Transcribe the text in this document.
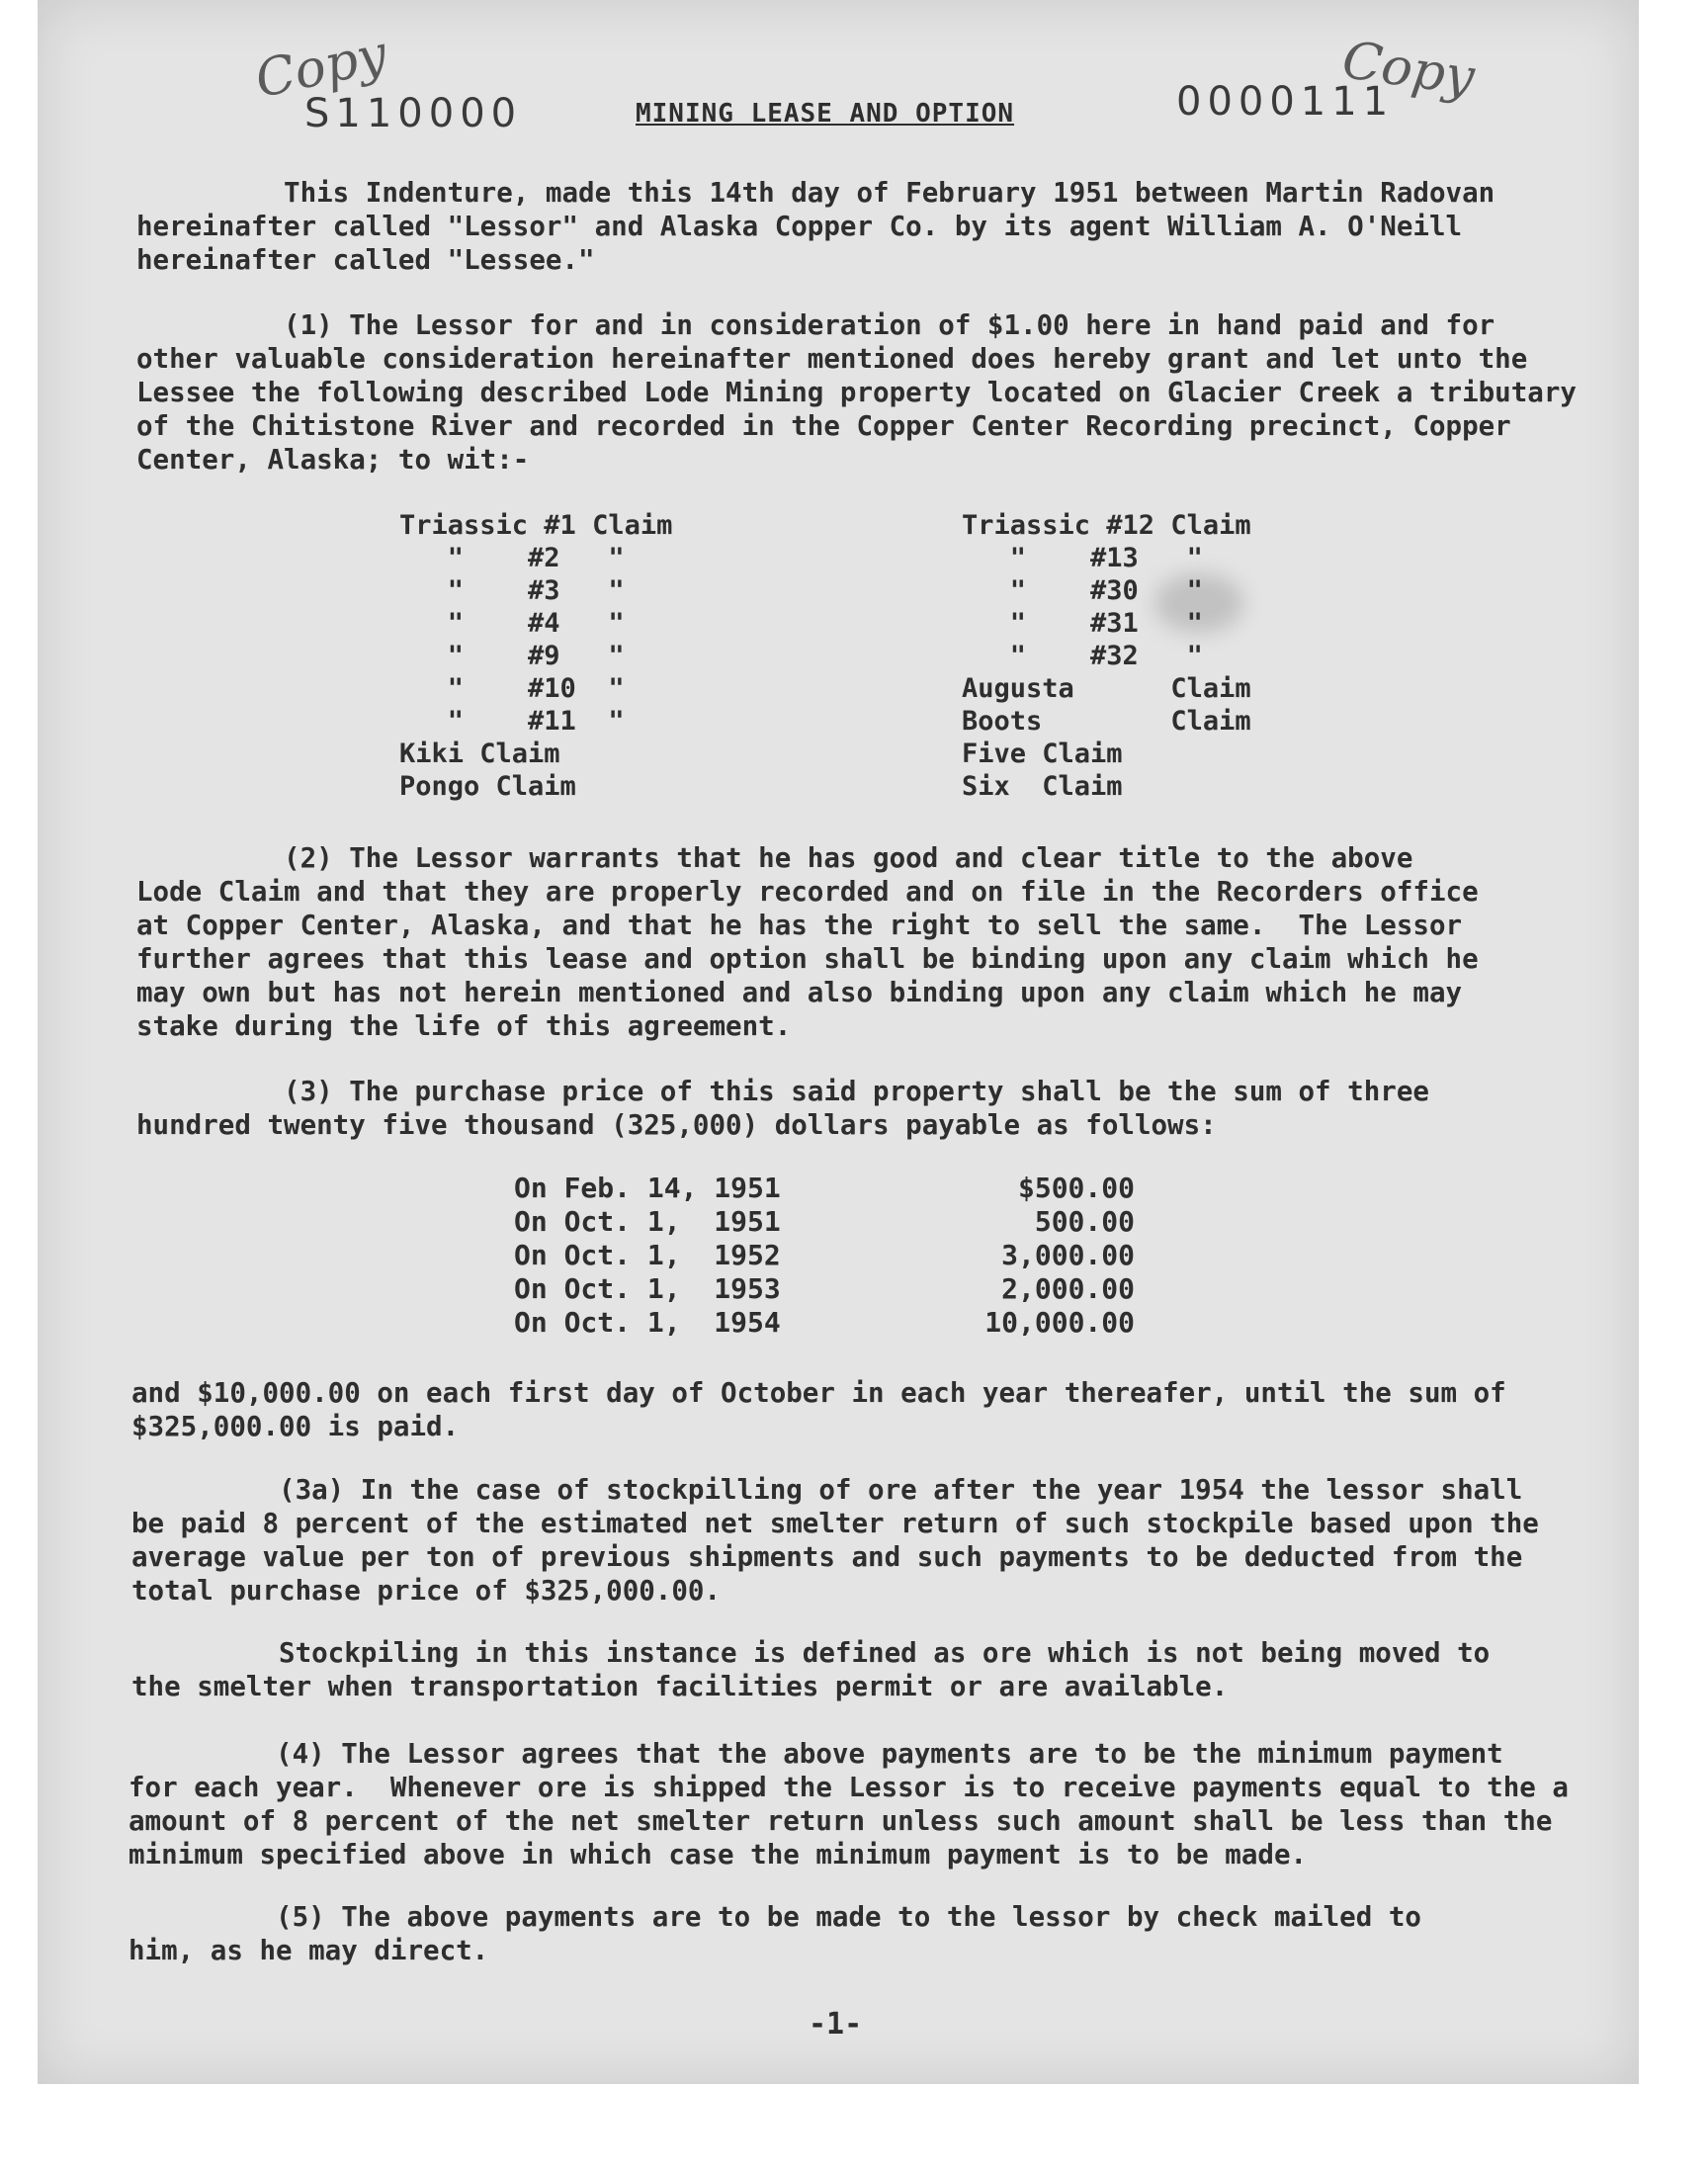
Copy	Copy
S110000	0000111
MINING LEASE AND OPTION
This Indenture, made this 14th day of February 1951 between Martin Radovan
hereinafter called "Lessor" and Alaska Copper Co. by its agent William A. O'Neill
hereinafter called "Lessee."
(1) The Lessor for and in consideration of $1.00 here in hand paid and for
other valuable consideration hereinafter mentioned does hereby grant and let unto the
Lessee the following described Lode Mining property located on Glacier Creek a tributary
of the Chitistone River and recorded in the Copper Center Recording precinct, Copper
Center, Alaska; to wit:-
Triassic #1 Claim
"    #2   "
"    #3   "
"    #4   "
"    #9   "
"    #10  "
"    #11  "
Kiki Claim
Pongo Claim
Triassic #12 Claim
"    #13   "
"    #30   "
"    #31   "
"    #32   "
Augusta      Claim
Boots        Claim
Five Claim
Six  Claim
(2) The Lessor warrants that he has good and clear title to the above
Lode Claim and that they are properly recorded and on file in the Recorders office
at Copper Center, Alaska, and that he has the right to sell the same.  The Lessor
further agrees that this lease and option shall be binding upon any claim which he
may own but has not herein mentioned and also binding upon any claim which he may
stake during the life of this agreement.
(3) The purchase price of this said property shall be the sum of three
hundred twenty five thousand (325,000) dollars payable as follows:
On Feb. 14, 1951
On Oct. 1,  1951
On Oct. 1,  1952
On Oct. 1,  1953
On Oct. 1,  1954
$500.00
500.00
3,000.00
2,000.00
10,000.00
and $10,000.00 on each first day of October in each year thereafer, until the sum of
$325,000.00 is paid.
(3a) In the case of stockpilling of ore after the year 1954 the lessor shall
be paid 8 percent of the estimated net smelter return of such stockpile based upon the
average value per ton of previous shipments and such payments to be deducted from the
total purchase price of $325,000.00.
Stockpiling in this instance is defined as ore which is not being moved to
the smelter when transportation facilities permit or are available.
(4) The Lessor agrees that the above payments are to be the minimum payment
for each year.  Whenever ore is shipped the Lessor is to receive payments equal to the a
amount of 8 percent of the net smelter return unless such amount shall be less than the
minimum specified above in which case the minimum payment is to be made.
(5) The above payments are to be made to the lessor by check mailed to
him, as he may direct.
-1-
